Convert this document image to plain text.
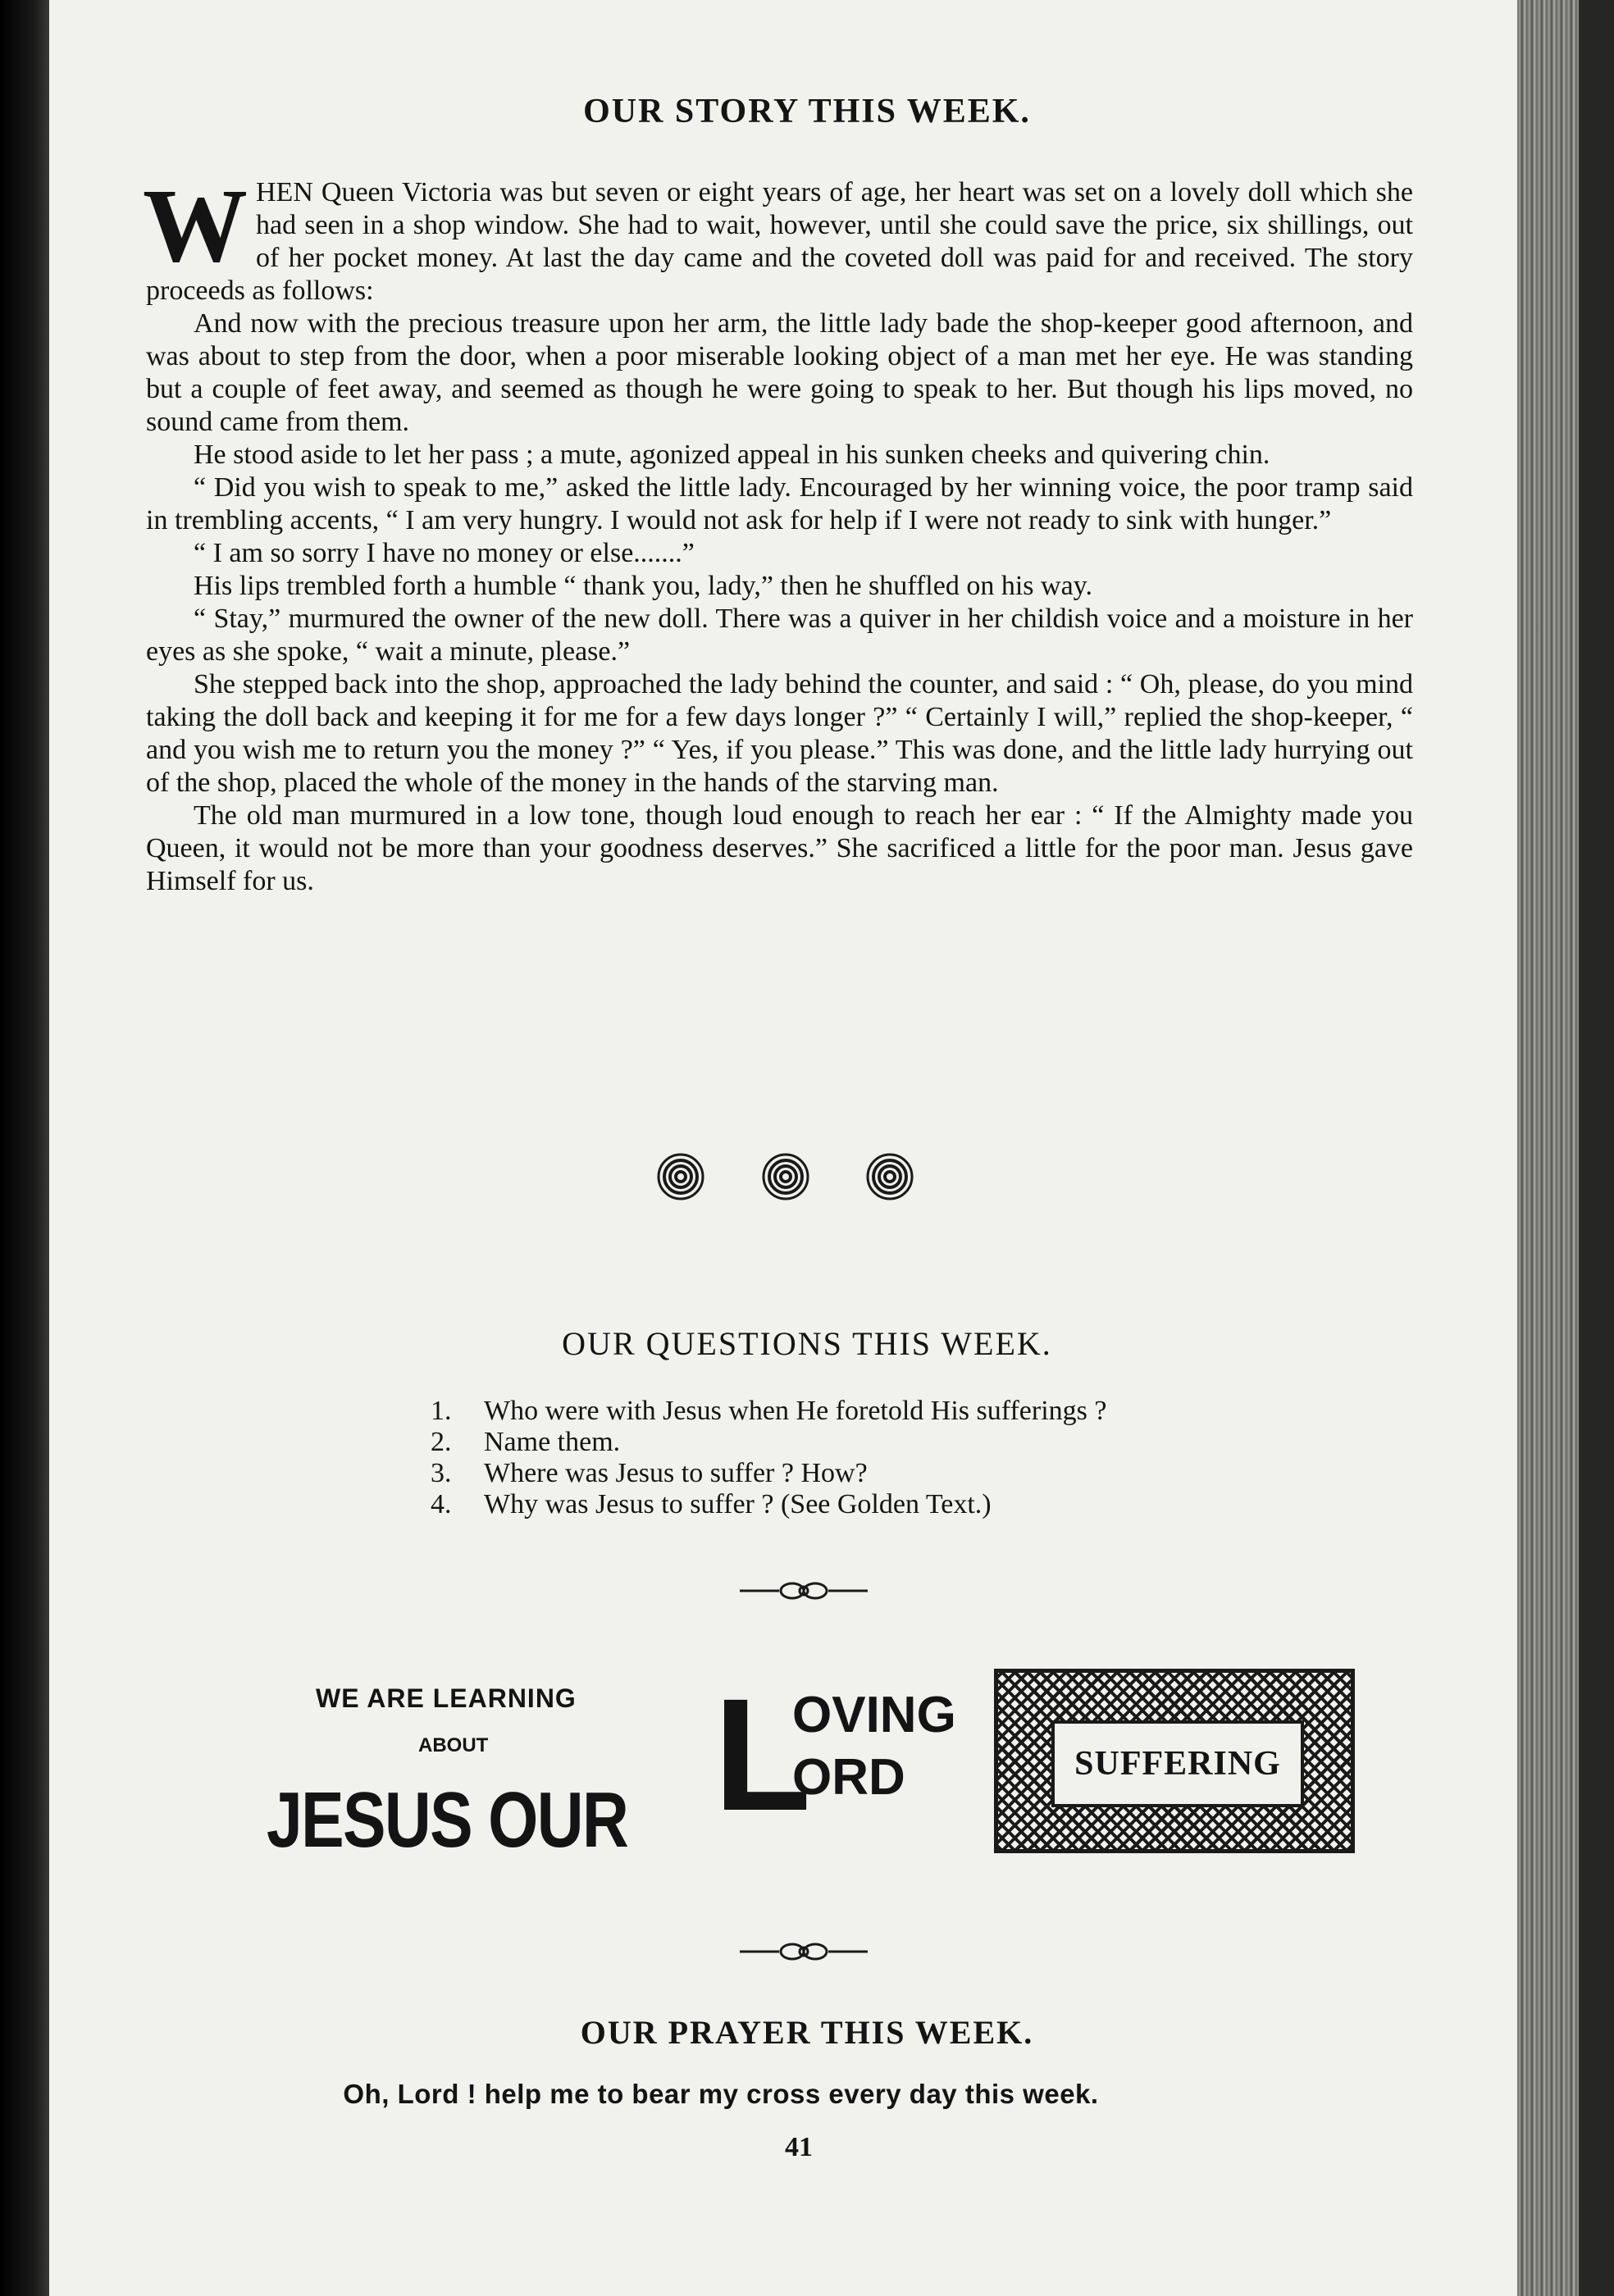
OUR STORY THIS WEEK.

WHEN Queen Victoria was but seven or eight years of age, her heart was set on a lovely doll which she had seen in a shop window. She had to wait, however, until she could save the price, six shillings, out of her pocket money. At last the day came and the coveted doll was paid for and received. The story proceeds as follows:

And now with the precious treasure upon her arm, the little lady bade the shop-keeper good afternoon, and was about to step from the door, when a poor miserable looking object of a man met her eye. He was standing but a couple of feet away, and seemed as though he were going to speak to her. But though his lips moved, no sound came from them.

He stood aside to let her pass ; a mute, agonized appeal in his sunken cheeks and quivering chin.

“ Did you wish to speak to me,” asked the little lady. Encouraged by her winning voice, the poor tramp said in trembling accents, “ I am very hungry. I would not ask for help if I were not ready to sink with hunger.”

“ I am so sorry I have no money or else.......”

His lips trembled forth a humble “ thank you, lady,” then he shuffled on his way.

“ Stay,” murmured the owner of the new doll. There was a quiver in her childish voice and a moisture in her eyes as she spoke, “ wait a minute, please.”

She stepped back into the shop, approached the lady behind the counter, and said : “ Oh, please, do you mind taking the doll back and keeping it for me for a few days longer ?” “ Certainly I will,” replied the shop-keeper, “ and you wish me to return you the money ?” “ Yes, if you please.” This was done, and the little lady hurrying out of the shop, placed the whole of the money in the hands of the starving man.

The old man murmured in a low tone, though loud enough to reach her ear : “ If the Almighty made you Queen, it would not be more than your goodness deserves.” She sacrificed a little for the poor man. Jesus gave Himself for us.

OUR QUESTIONS THIS WEEK.
1.	Who were with Jesus when He foretold His sufferings ?
2.	Name them.
3.	Where was Jesus to suffer ? How?
4.	Why was Jesus to suffer ? (See Golden Text.)
WE ARE LEARNING
ABOUT
JESUS OUR L
OVING
ORD	SUFFERING
OUR PRAYER THIS WEEK.
Oh, Lord ! help me to bear my cross every day this week.
41
